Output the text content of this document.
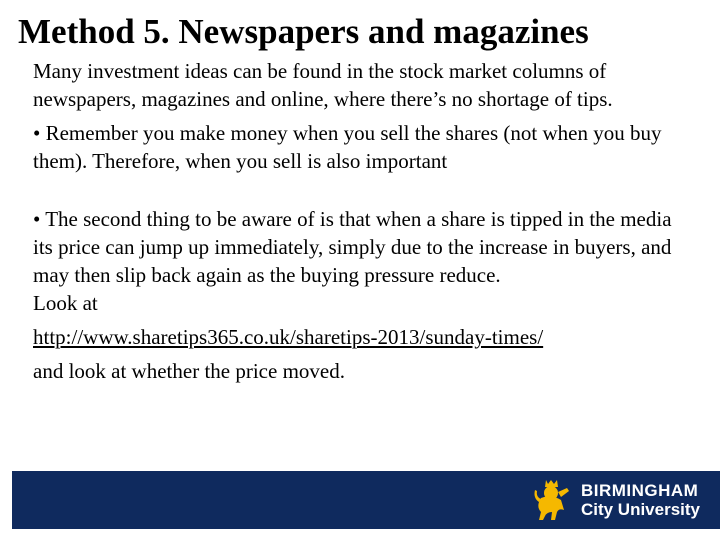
Method 5. Newspapers and magazines

Many investment ideas can be found in the stock market columns of newspapers, magazines and online, where there’s no shortage of tips.

• Remember you make money when you sell the shares (not when you buy them). Therefore, when you sell is also important

• The second thing to be aware of is that when a share is tipped in the media its price can jump up immediately, simply due to the increase in buyers, and may then slip back again as the buying pressure reduce.

Look at

http://www.sharetips365.co.uk/sharetips-2013/sunday-times/

and look at whether the price moved.

BIRMINGHAM
City University
